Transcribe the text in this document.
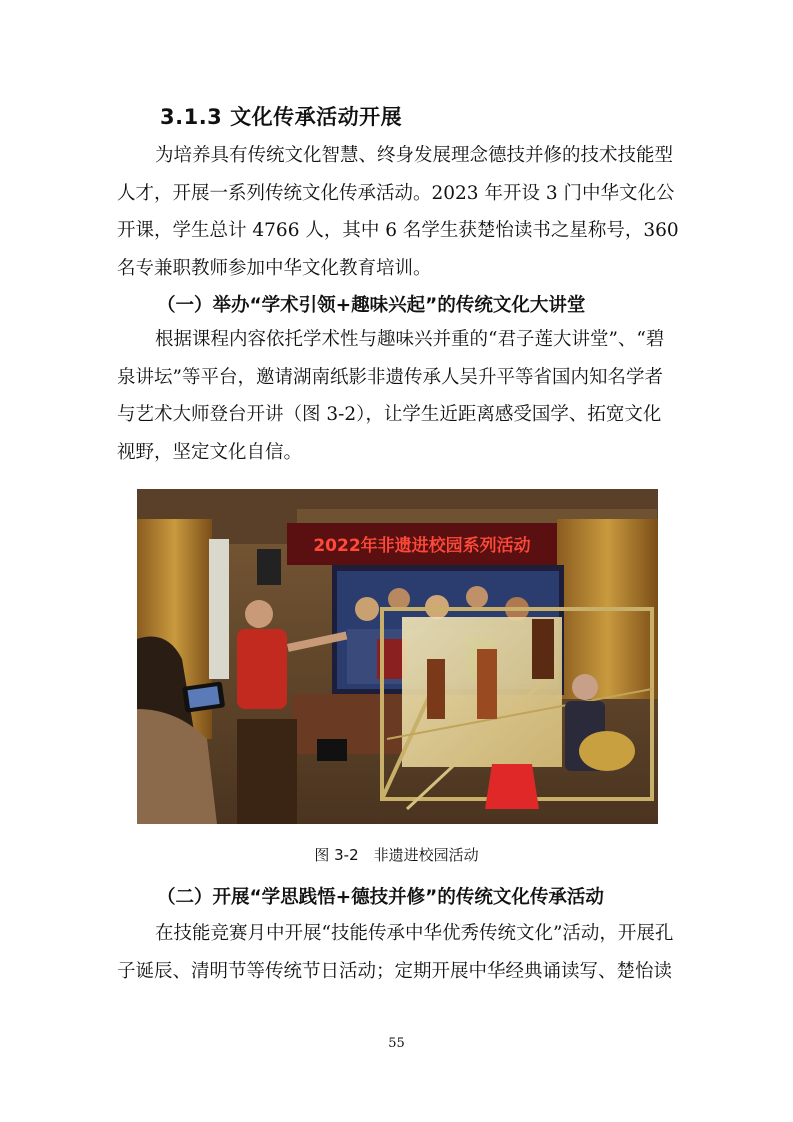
3.1.3 文化传承活动开展
为培养具有传统文化智慧、终身发展理念德技并修的技术技能型
人才，开展一系列传统文化传承活动。2023 年开设 3 门中华文化公
开课，学生总计 4766 人，其中 6 名学生获楚怡读书之星称号，360
名专兼职教师参加中华文化教育培训。
（一）举办“学术引领+趣味兴起”的传统文化大讲堂
根据课程内容依托学术性与趣味兴并重的“君子莲大讲堂”、“碧
泉讲坛”等平台，邀请湖南纸影非遗传承人吴升平等省国内知名学者
与艺术大师登台开讲（图 3-2），让学生近距离感受国学、拓宽文化
视野，坚定文化自信。
2022年非遗进校园系列活动
图 3-2　非遗进校园活动
（二）开展“学思践悟+德技并修”的传统文化传承活动
在技能竞赛月中开展“技能传承中华优秀传统文化”活动，开展孔
子诞辰、清明节等传统节日活动；定期开展中华经典诵读写、楚怡读
55
